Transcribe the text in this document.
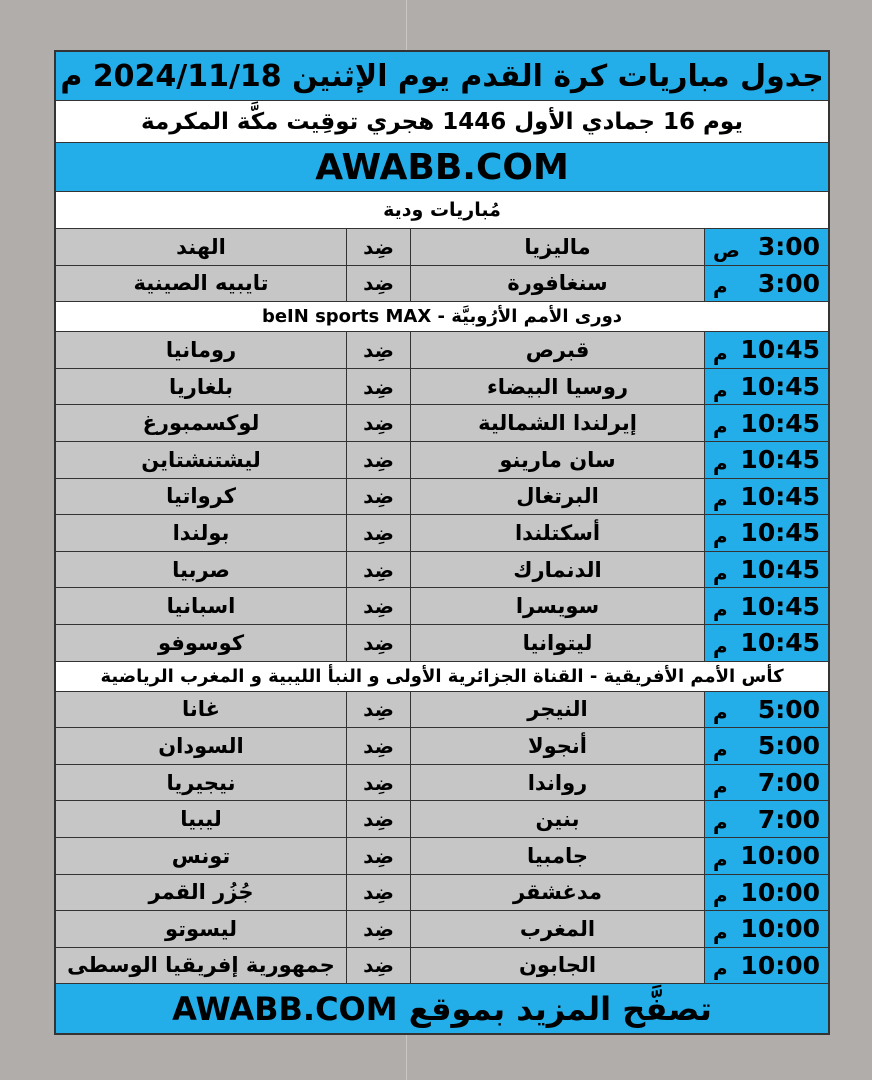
جدول مباريات كرة القدم يوم الإثنين 2024/11/18 م
يوم 16 جمادي الأول 1446 هجري توقِيت مكَّة المكرمة
AWABB.COM
مُباريات ودية
3:00
ص
ماليزيا
ضِد
الهند
3:00
م
سنغافورة
ضِد
تايبيه الصينية
دورى الأمم الأرُوبيَّة - beIN sports MAX
10:45
م
قبرص
ضِد
رومانيا
10:45
م
روسيا البيضاء
ضِد
بلغاريا
10:45
م
إيرلندا الشمالية
ضِد
لوكسمبورغ
10:45
م
سان مارينو
ضِد
ليشتنشتاين
10:45
م
البرتغال
ضِد
كرواتيا
10:45
م
أسكتلندا
ضِد
بولندا
10:45
م
الدنمارك
ضِد
صربيا
10:45
م
سويسرا
ضِد
اسبانيا
10:45
م
ليتوانيا
ضِد
كوسوفو
كأس الأمم الأفريقية - القناة الجزائرية الأولى و النبأ الليبية و المغرب الرياضية
5:00
م
النيجر
ضِد
غانا
5:00
م
أنجولا
ضِد
السودان
7:00
م
رواندا
ضِد
نيجيريا
7:00
م
بنين
ضِد
ليبيا
10:00
م
جامبيا
ضِد
تونس
10:00
م
مدغشقر
ضِد
جُزُر القمر
10:00
م
المغرب
ضِد
ليسوتو
10:00
م
الجابون
ضِد
جمهورية إفريقيا الوسطى
تصفَّح المزيد بموقع AWABB.COM
